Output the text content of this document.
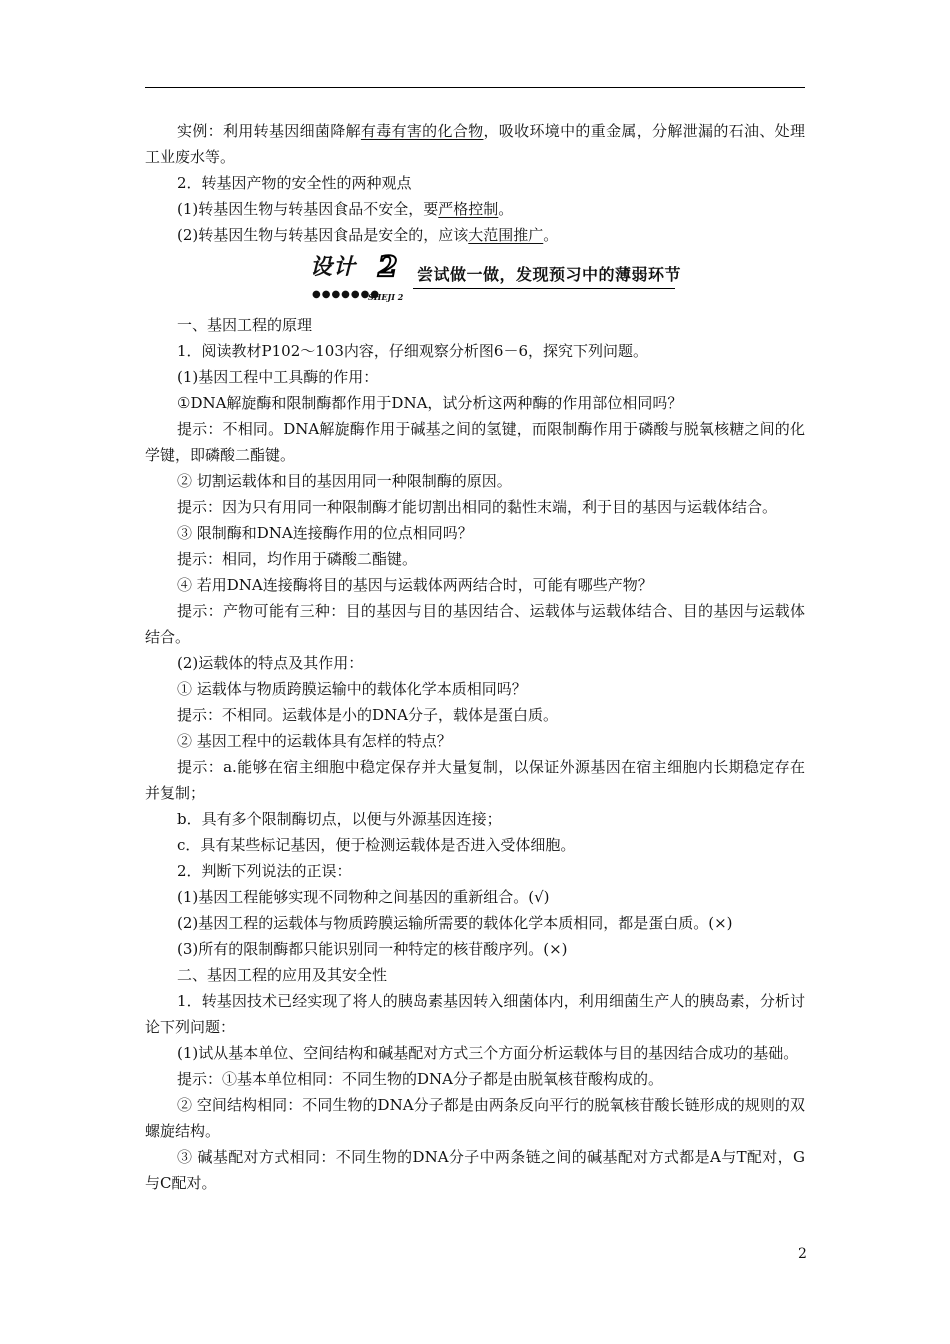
实例：利用转基因细菌降解有毒有害的化合物，吸收环境中的重金属，分解泄漏的石油、处理工业废水等。

2．转基因产物的安全性的两种观点

(1)转基因生物与转基因食品不安全，要严格控制。

(2)转基因生物与转基因食品是安全的，应该大范围推广。

设计 2
●●●●●●●
SHEJI 2
尝试做一做，发现预习中的薄弱环节

一、基因工程的原理

1．阅读教材P102～103内容，仔细观察分析图6－6，探究下列问题。

(1)基因工程中工具酶的作用：

①DNA解旋酶和限制酶都作用于DNA，试分析这两种酶的作用部位相同吗？

提示：不相同。DNA解旋酶作用于碱基之间的氢键，而限制酶作用于磷酸与脱氧核糖之间的化学键，即磷酸二酯键。

② 切割运载体和目的基因用同一种限制酶的原因。

提示：因为只有用同一种限制酶才能切割出相同的黏性末端，利于目的基因与运载体结合。

③ 限制酶和DNA连接酶作用的位点相同吗？

提示：相同，均作用于磷酸二酯键。

④ 若用DNA连接酶将目的基因与运载体两两结合时，可能有哪些产物？

提示：产物可能有三种：目的基因与目的基因结合、运载体与运载体结合、目的基因与运载体结合。

(2)运载体的特点及其作用：

① 运载体与物质跨膜运输中的载体化学本质相同吗？

提示：不相同。运载体是小的DNA分子，载体是蛋白质。

② 基因工程中的运载体具有怎样的特点？

提示：a.能够在宿主细胞中稳定保存并大量复制，以保证外源基因在宿主细胞内长期稳定存在并复制；

b．具有多个限制酶切点，以便与外源基因连接；

c．具有某些标记基因，便于检测运载体是否进入受体细胞。

2．判断下列说法的正误：

(1)基因工程能够实现不同物种之间基因的重新组合。(√)

(2)基因工程的运载体与物质跨膜运输所需要的载体化学本质相同，都是蛋白质。(×)

(3)所有的限制酶都只能识别同一种特定的核苷酸序列。(×)

二、基因工程的应用及其安全性

1．转基因技术已经实现了将人的胰岛素基因转入细菌体内，利用细菌生产人的胰岛素，分析讨论下列问题：

(1)试从基本单位、空间结构和碱基配对方式三个方面分析运载体与目的基因结合成功的基础。

提示：①基本单位相同：不同生物的DNA分子都是由脱氧核苷酸构成的。

② 空间结构相同：不同生物的DNA分子都是由两条反向平行的脱氧核苷酸长链形成的规则的双螺旋结构。

③ 碱基配对方式相同：不同生物的DNA分子中两条链之间的碱基配对方式都是A与T配对，G与C配对。

2
